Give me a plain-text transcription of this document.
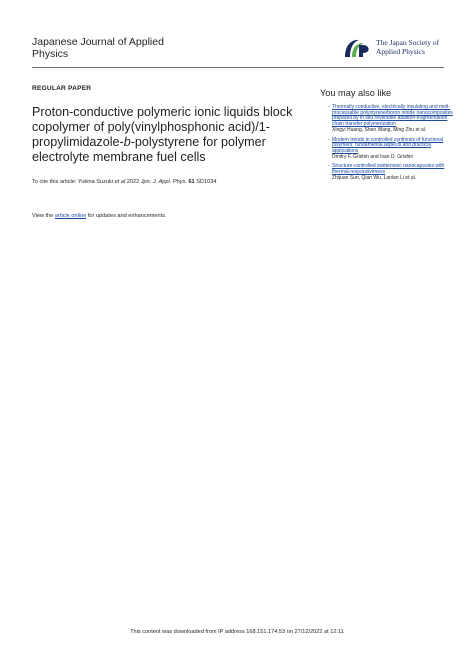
Japanese Journal of Applied Physics
The Japan Society of Applied Physics
REGULAR PAPER
Proton-conductive polymeric ionic liquids block copolymer of poly(vinylphosphonic acid)/1-propylimidazole-b-polystyrene for polymer electrolyte membrane fuel cells
To cite this article: Yukina Suzuki et al 2022 Jpn. J. Appl. Phys. 61 SD1034
View the article online for updates and enhancements.
You may also like
- Thermally conductive, electrically insulating and melt-processable polystyrene/boron nitride nanocomposites prepared by in situ reversible addition-fragmentation chain transfer polymerization
Xingyi Huang, Shen Wang, Ming Zhu et al.
- Modern trends in controlled synthesis of functional polymers: fundamental aspects and practical applications
Dmitry F. Grishin and Ivan D. Grishin
- Structure-controlled zwitterionic nanocapsules with thermal-responsiveness
Zhijuan Sun, Qian Wu, Lanlan Li et al.
This content was downloaded from IP address 168.151.174.53 on 27/12/2022 at 12:11
